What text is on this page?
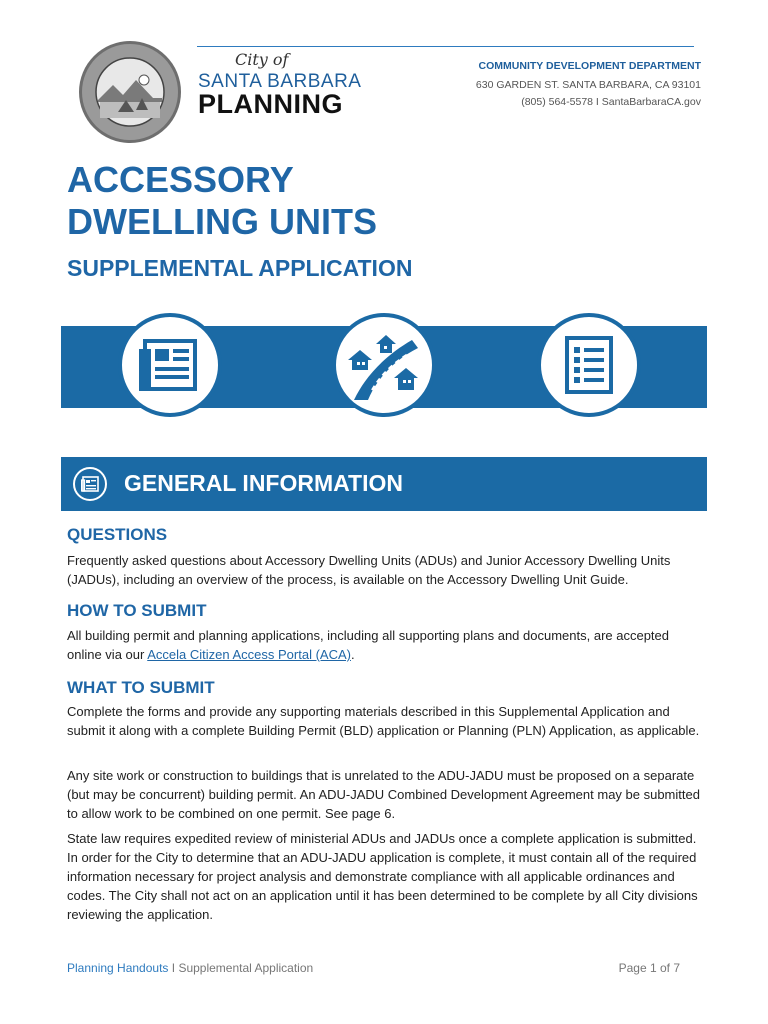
City of
SANTA BARBARA
PLANNING
COMMUNITY DEVELOPMENT DEPARTMENT
630 GARDEN ST. SANTA BARBARA, CA 93101
(805) 564-5578 I SantaBarbaraCA.gov
ACCESSORY
DWELLING UNITS
SUPPLEMENTAL APPLICATION
GENERAL INFORMATION
QUESTIONS

Frequently asked questions about Accessory Dwelling Units (ADUs) and Junior Accessory Dwelling Units (JADUs), including an overview of the process, is available on the Accessory Dwelling Unit Guide.

HOW TO SUBMIT

All building permit and planning applications, including all supporting plans and documents, are accepted online via our Accela Citizen Access Portal (ACA).

WHAT TO SUBMIT

Complete the forms and provide any supporting materials described in this Supplemental Application and submit it along with a complete Building Permit (BLD) application or Planning (PLN) Application, as applicable.

Any site work or construction to buildings that is unrelated to the ADU-JADU must be proposed on a separate (but may be concurrent) building permit. An ADU-JADU Combined Development Agreement may be submitted to allow work to be combined on one permit. See page 6.

State law requires expedited review of ministerial ADUs and JADUs once a complete application is submitted. In order for the City to determine that an ADU-JADU application is complete, it must contain all of the required information necessary for project analysis and demonstrate compliance with all applicable ordinances and codes. The City shall not act on an application until it has been determined to be complete by all City divisions reviewing the application.

Planning Handouts I Supplemental Application	Page 1 of 7
